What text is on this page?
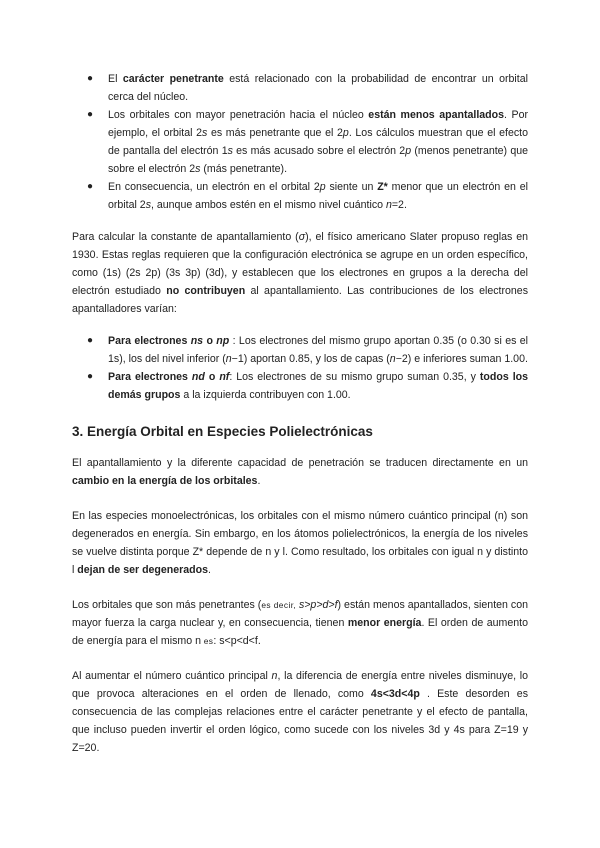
● El carácter penetrante está relacionado con la probabilidad de encontrar un orbital cerca del núcleo.
● Los orbitales con mayor penetración hacia el núcleo están menos apantallados. Por ejemplo, el orbital 2s es más penetrante que el 2p. Los cálculos muestran que el efecto de pantalla del electrón 1s es más acusado sobre el electrón 2p (menos penetrante) que sobre el electrón 2s (más penetrante).
● En consecuencia, un electrón en el orbital 2p siente un Z* menor que un electrón en el orbital 2s, aunque ambos estén en el mismo nivel cuántico n=2.

Para calcular la constante de apantallamiento (σ), el físico americano Slater propuso reglas en 1930. Estas reglas requieren que la configuración electrónica se agrupe en un orden específico, como (1s) (2s 2p) (3s 3p) (3d), y establecen que los electrones en grupos a la derecha del electrón estudiado no contribuyen al apantallamiento. Las contribuciones de los electrones apantalladores varían:

● Para electrones ns o np : Los electrones del mismo grupo aportan 0.35 (o 0.30 si es el 1s), los del nivel inferior (n−1) aportan 0.85, y los de capas (n−2) e inferiores suman 1.00.
● Para electrones nd o nf: Los electrones de su mismo grupo suman 0.35, y todos los demás grupos a la izquierda contribuyen con 1.00.
3. Energía Orbital en Especies Polielectrónicas

El apantallamiento y la diferente capacidad de penetración se traducen directamente en un cambio en la energía de los orbitales.

En las especies monoelectrónicas, los orbitales con el mismo número cuántico principal (n) son degenerados en energía. Sin embargo, en los átomos polielectrónicos, la energía de los niveles se vuelve distinta porque Z* depende de n y l. Como resultado, los orbitales con igual n y distinto l dejan de ser degenerados.

Los orbitales que son más penetrantes (es decir, s>p>d>f) están menos apantallados, sienten con mayor fuerza la carga nuclear y, en consecuencia, tienen menor energía. El orden de aumento de energía para el mismo n es: s<p<d<f.

Al aumentar el número cuántico principal n, la diferencia de energía entre niveles disminuye, lo que provoca alteraciones en el orden de llenado, como 4s<3d<4p . Este desorden es consecuencia de las complejas relaciones entre el carácter penetrante y el efecto de pantalla, que incluso pueden invertir el orden lógico, como sucede con los niveles 3d y 4s para Z=19 y Z=20.
